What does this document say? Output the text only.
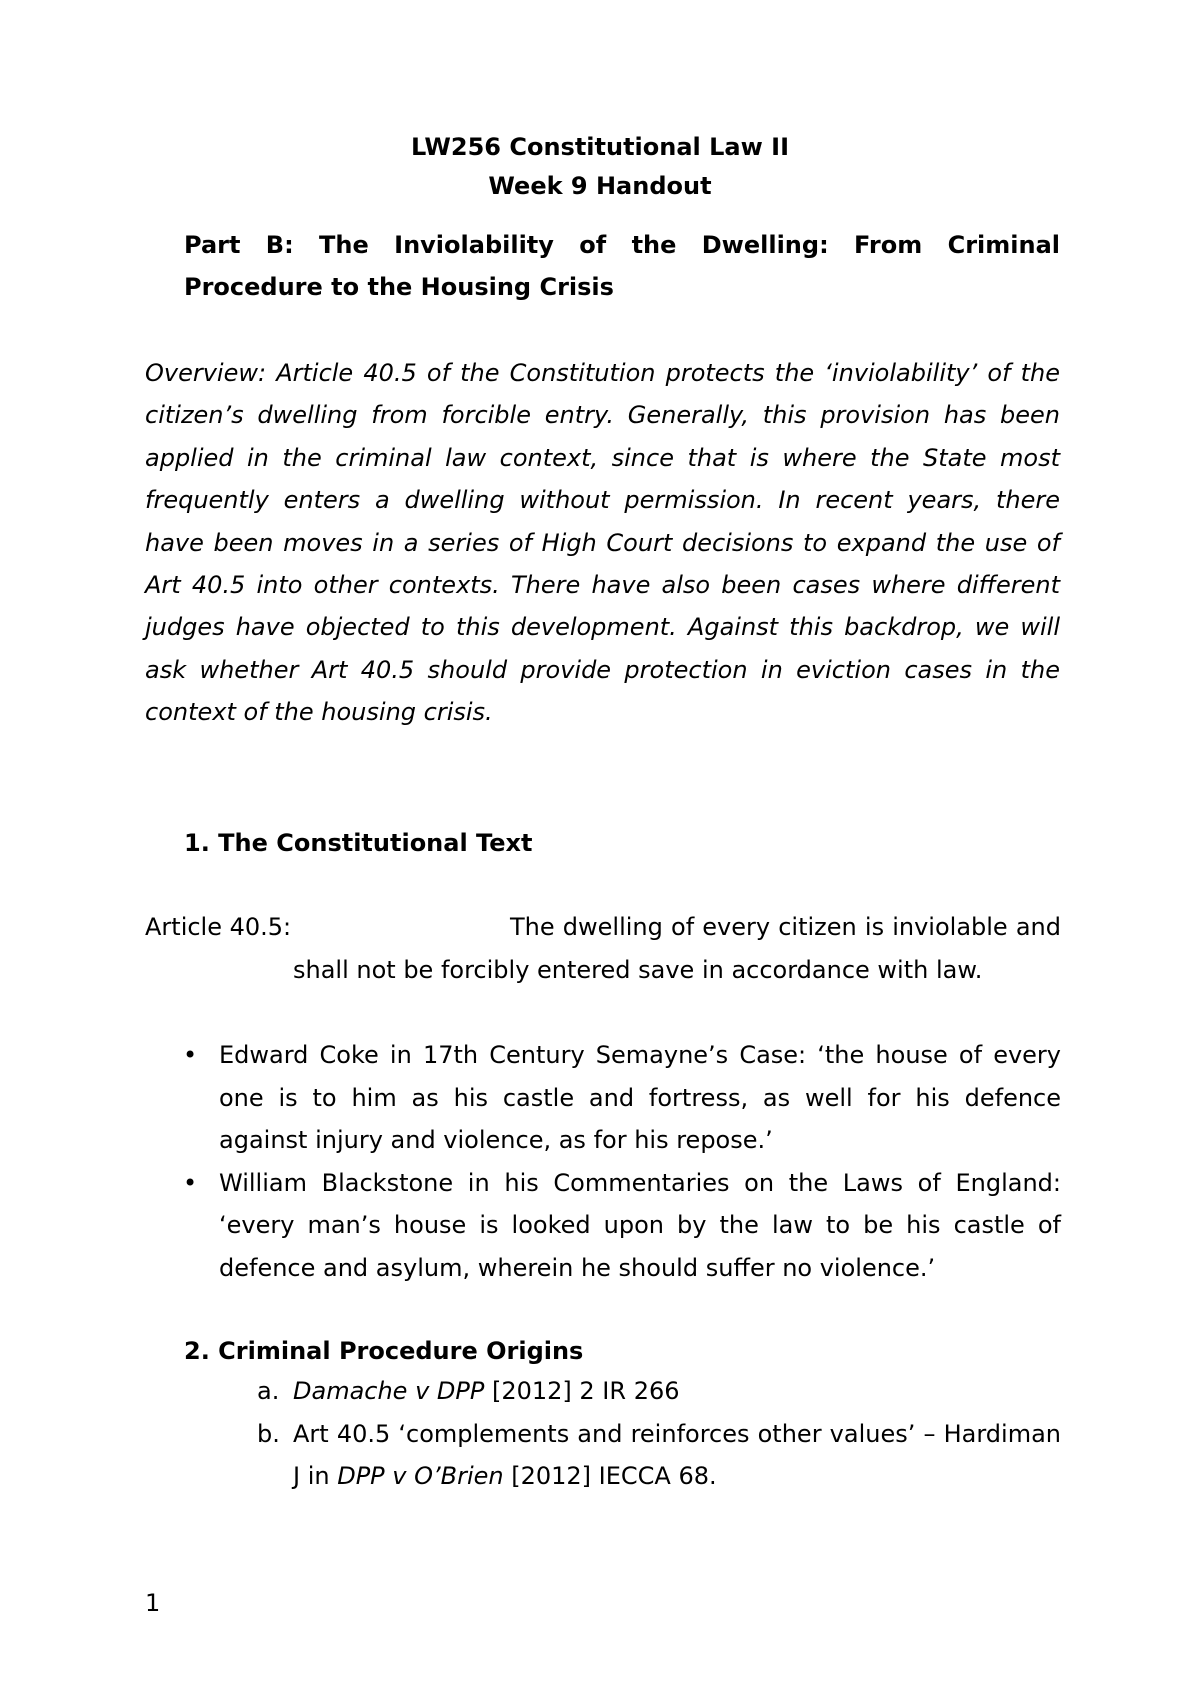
LW256 Constitutional Law II
Week 9 Handout
Part B: The Inviolability of the Dwelling: From Criminal Procedure to the Housing Crisis
Overview: Article 40.5 of the Constitution protects the ‘inviolability’ of the citizen’s dwelling from forcible entry. Generally, this provision has been applied in the criminal law context, since that is where the State most frequently enters a dwelling without permission. In recent years, there have been moves in a series of High Court decisions to expand the use of Art 40.5 into other contexts. There have also been cases where different judges have objected to this development. Against this backdrop, we will ask whether Art 40.5 should provide protection in eviction cases in the context of the housing crisis.
1. The Constitutional Text
Article 40.5:	The dwelling of every citizen is inviolable and shall not be forcibly entered save in accordance with law.
• Edward Coke in 17th Century Semayne’s Case: ‘the house of every one is to him as his castle and fortress, as well for his defence against injury and violence, as for his repose.’
• William Blackstone in his Commentaries on the Laws of England: ‘every man’s house is looked upon by the law to be his castle of defence and asylum, wherein he should suffer no violence.’
2. Criminal Procedure Origins
a. Damache v DPP [2012] 2 IR 266
b. Art 40.5 ‘complements and reinforces other values’ – Hardiman J in DPP v O’Brien [2012] IECCA 68.
1
